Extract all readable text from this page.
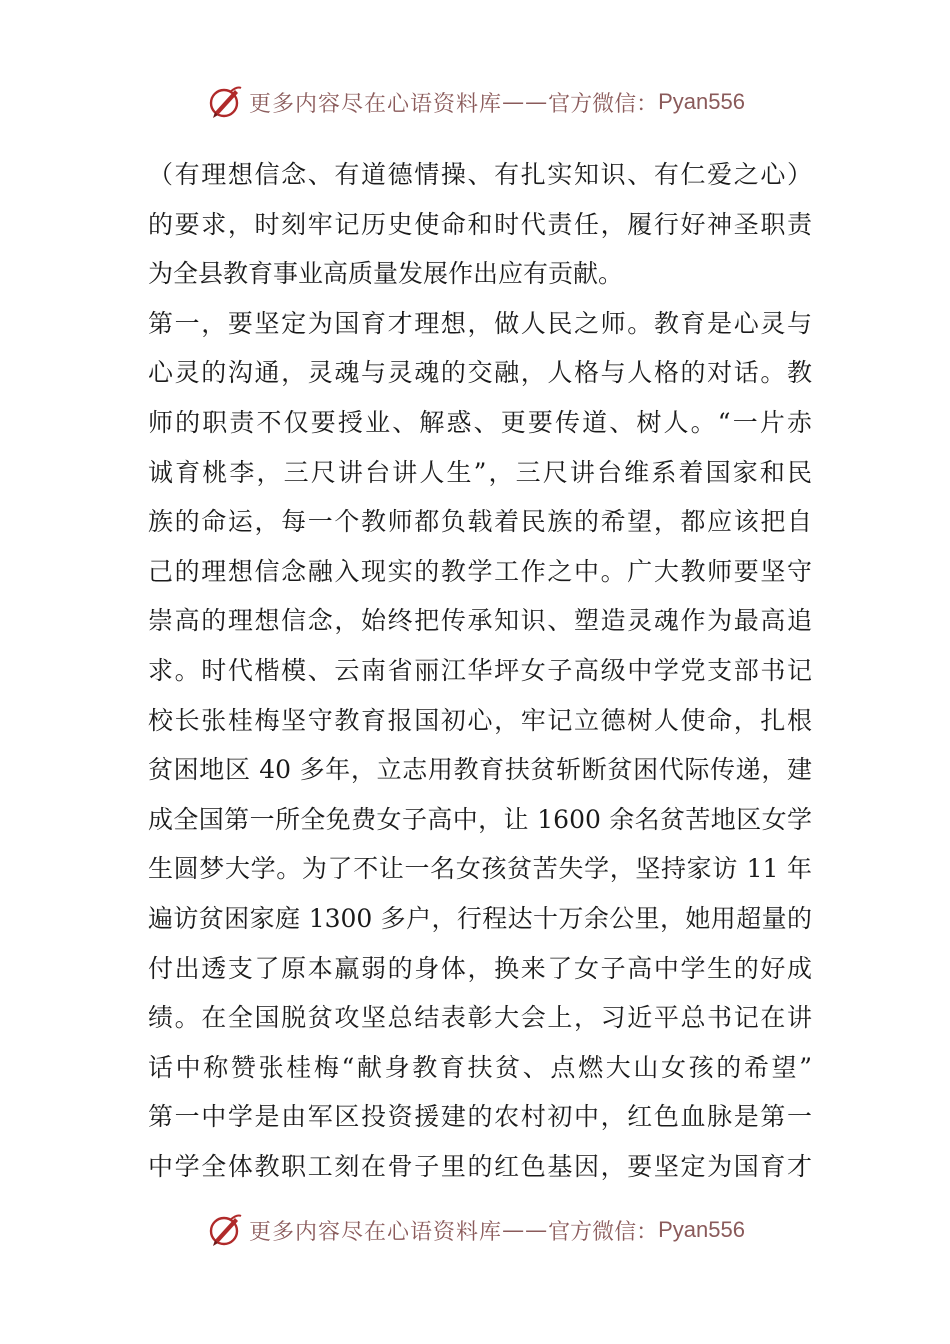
更多内容尽在心语资料库 —— 官方微信： Pyan556
（有理想信念、有道德情操、有扎实知识、有仁爱之心）
的要求，时刻牢记历史使命和时代责任，履行好神圣职责
为全县教育事业高质量发展作出应有贡献。
第一，要坚定为国育才理想，做人民之师。教育是心灵与
心灵的沟通，灵魂与灵魂的交融，人格与人格的对话。教
师的职责不仅要授业、解惑、更要传道、树人。“一片赤
诚育桃李，三尺讲台讲人生”，三尺讲台维系着国家和民
族的命运，每一个教师都负载着民族的希望，都应该把自
己的理想信念融入现实的教学工作之中。广大教师要坚守
崇高的理想信念，始终把传承知识、塑造灵魂作为最高追
求。时代楷模、云南省丽江华坪女子高级中学党支部书记
校长张桂梅坚守教育报国初心，牢记立德树人使命，扎根
贫困地区 40 多年，立志用教育扶贫斩断贫困代际传递，建
成全国第一所全免费女子高中，让 1600 余名贫苦地区女学
生圆梦大学。为了不让一名女孩贫苦失学，坚持家访 11 年
遍访贫困家庭 1300 多户，行程达十万余公里，她用超量的
付出透支了原本羸弱的身体，换来了女子高中学生的好成
绩。在全国脱贫攻坚总结表彰大会上，习近平总书记在讲
话中称赞张桂梅“献身教育扶贫、点燃大山女孩的希望”
第一中学是由军区投资援建的农村初中，红色血脉是第一
中学全体教职工刻在骨子里的红色基因，要坚定为国育才
更多内容尽在心语资料库 —— 官方微信： Pyan556
